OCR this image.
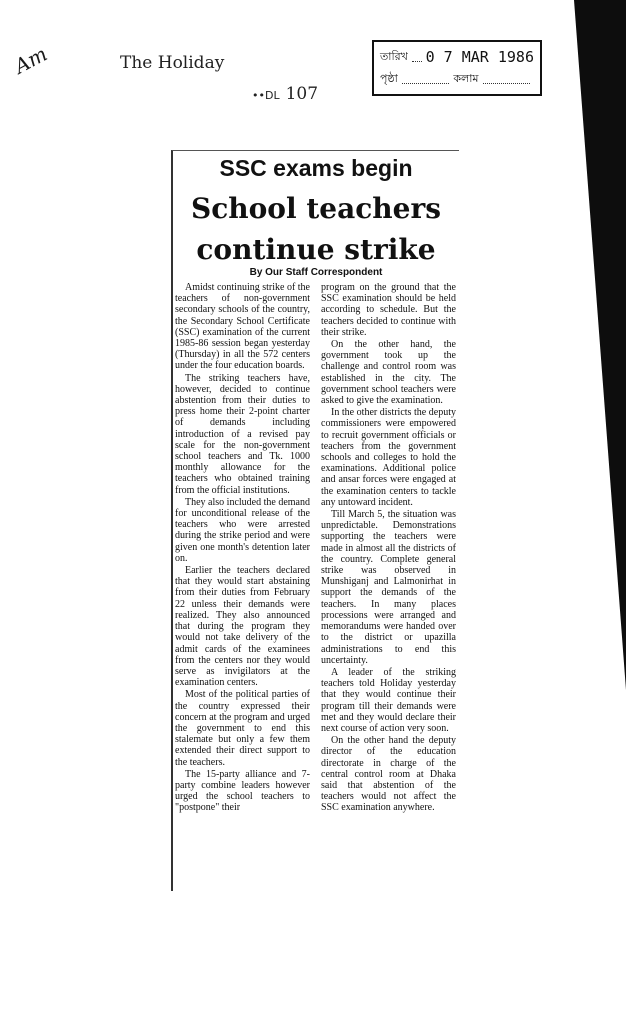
Am	The Holiday
••DL 107
তারিখ 0 7 MAR 1986
পৃষ্ঠা	কলাম
SSC exams begin
School teachers
continue strike
By Our Staff Correspondent

Amidst continuing strike of the teachers of non-government secondary schools of the country, the Secondary School Certificate (SSC) examination of the current 1985-86 session began yesterday (Thursday) in all the 572 centers under the four education boards.

The striking teachers have, however, decided to continue abstention from their duties to press home their 2-point charter of demands including introduction of a revised pay scale for the non-government school teachers and Tk. 1000 monthly allowance for the teachers who obtained training from the official institutions.

They also included the demand for unconditional release of the teachers who were arrested during the strike period and were given one month's detention later on.

Earlier the teachers declared that they would start abstaining from their duties from February 22 unless their demands were realized. They also announced that during the program they would not take delivery of the admit cards of the examinees from the centers nor they would serve as invigilators at the examination centers.

Most of the political parties of the country expressed their concern at the program and urged the government to end this stalemate but only a few them extended their direct support to the teachers.

The 15-party alliance and 7-party combine leaders however urged the school teachers to "postpone" their

program on the ground that the SSC examination should be held according to schedule. But the teachers decided to continue with their strike.

On the other hand, the government took up the challenge and control room was established in the city. The government school teachers were asked to give the examination.

In the other districts the deputy commissioners were empowered to recruit government officials or teachers from the government schools and colleges to hold the examinations. Additional police and ansar forces were engaged at the examination centers to tackle any untoward incident.

Till March 5, the situation was unpredictable. Demonstrations supporting the teachers were made in almost all the districts of the country. Complete general strike was observed in Munshiganj and Lalmonirhat in support the demands of the teachers. In many places processions were arranged and memorandums were handed over to the district or upazilla administrations to end this uncertainty.

A leader of the striking teachers told Holiday yesterday that they would continue their program till their demands were met and they would declare their next course of action very soon.

On the other hand the deputy director of the education directorate in charge of the central control room at Dhaka said that abstention of the teachers would not affect the SSC examination anywhere.
